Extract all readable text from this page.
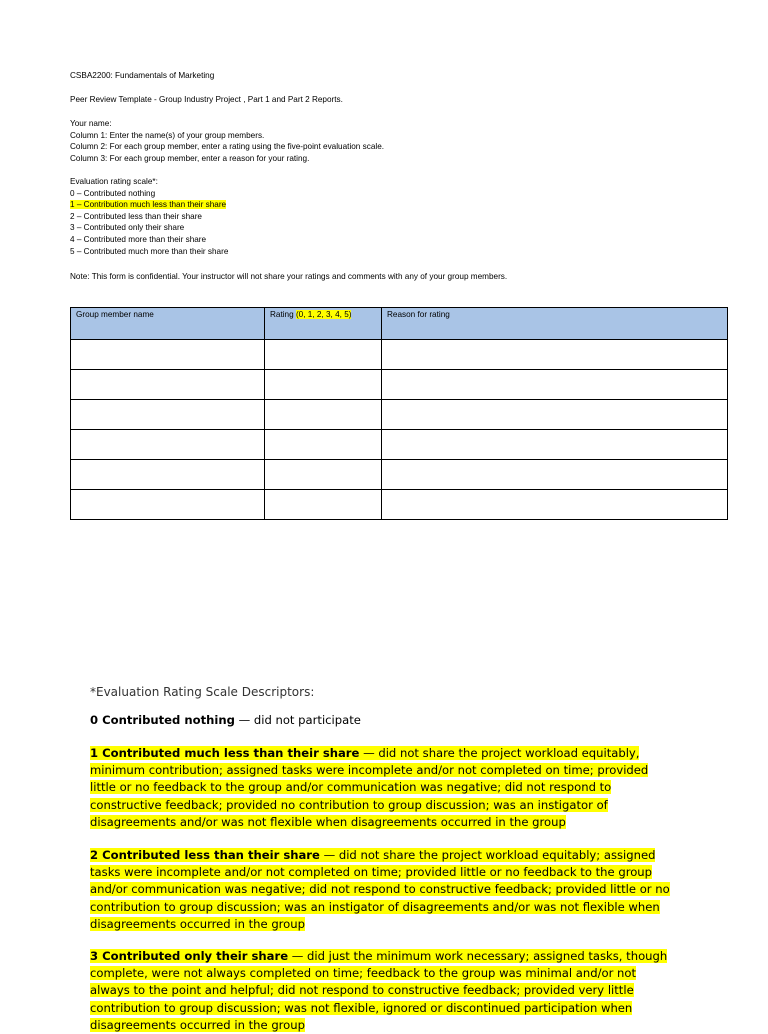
CSBA2200: Fundamentals of Marketing
Peer Review Template - Group Industry Project , Part 1 and Part 2 Reports.
Your name:
Column 1: Enter the name(s) of your group members.
Column 2: For each group member, enter a rating using the five-point evaluation scale.
Column 3: For each group member, enter a reason for your rating.
Evaluation rating scale*:
0 – Contributed nothing
1 – Contribution much less than their share
2 – Contributed less than their share
3 – Contributed only their share
4 – Contributed more than their share
5 – Contributed much more than their share
Note: This form is confidential. Your instructor will not share your ratings and comments with any of your group members.
Group member name	Rating (0, 1, 2, 3, 4, 5)	Reason for rating

*Evaluation Rating Scale Descriptors:

0 Contributed nothing — did not participate

1 Contributed much less than their share — did not share the project workload equitably, minimum contribution; assigned tasks were incomplete and/or not completed on time; provided little or no feedback to the group and/or communication was negative; did not respond to constructive feedback; provided no contribution to group discussion; was an instigator of disagreements and/or was not flexible when disagreements occurred in the group

2 Contributed less than their share — did not share the project workload equitably; assigned tasks were incomplete and/or not completed on time; provided little or no feedback to the group and/or communication was negative; did not respond to constructive feedback; provided little or no contribution to group discussion; was an instigator of disagreements and/or was not flexible when disagreements occurred in the group

3 Contributed only their share — did just the minimum work necessary; assigned tasks, though complete, were not always completed on time; feedback to the group was minimal and/or not always to the point and helpful; did not respond to constructive feedback; provided very little contribution to group discussion; was not flexible, ignored or discontinued participation when disagreements occurred in the group
